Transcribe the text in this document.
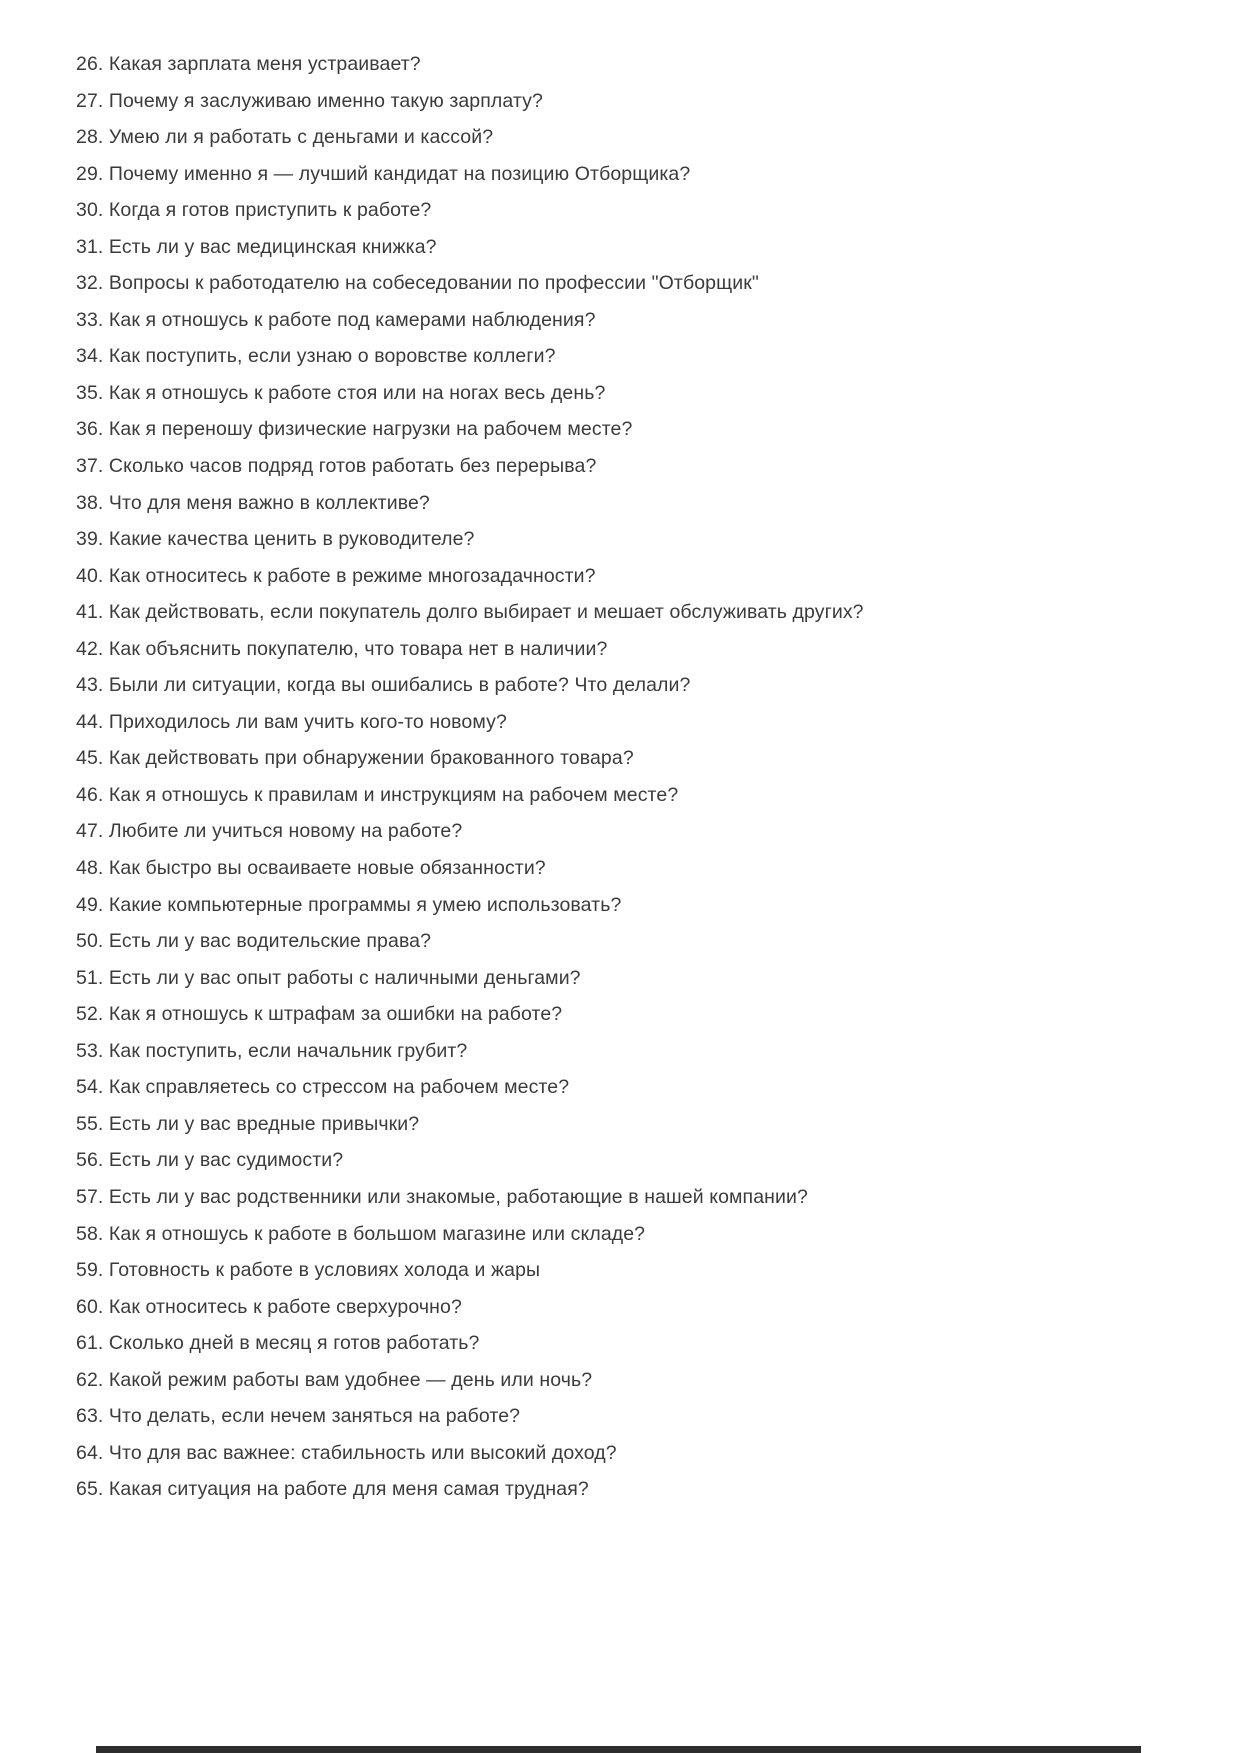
26. Какая зарплата меня устраивает?
27. Почему я заслуживаю именно такую зарплату?
28. Умею ли я работать с деньгами и кассой?
29. Почему именно я — лучший кандидат на позицию Отборщика?
30. Когда я готов приступить к работе?
31. Есть ли у вас медицинская книжка?
32. Вопросы к работодателю на собеседовании по профессии "Отборщик"
33. Как я отношусь к работе под камерами наблюдения?
34. Как поступить, если узнаю о воровстве коллеги?
35. Как я отношусь к работе стоя или на ногах весь день?
36. Как я переношу физические нагрузки на рабочем месте?
37. Сколько часов подряд готов работать без перерыва?
38. Что для меня важно в коллективе?
39. Какие качества ценить в руководителе?
40. Как относитесь к работе в режиме многозадачности?
41. Как действовать, если покупатель долго выбирает и мешает обслуживать других?
42. Как объяснить покупателю, что товара нет в наличии?
43. Были ли ситуации, когда вы ошибались в работе? Что делали?
44. Приходилось ли вам учить кого-то новому?
45. Как действовать при обнаружении бракованного товара?
46. Как я отношусь к правилам и инструкциям на рабочем месте?
47. Любите ли учиться новому на работе?
48. Как быстро вы осваиваете новые обязанности?
49. Какие компьютерные программы я умею использовать?
50. Есть ли у вас водительские права?
51. Есть ли у вас опыт работы с наличными деньгами?
52. Как я отношусь к штрафам за ошибки на работе?
53. Как поступить, если начальник грубит?
54. Как справляетесь со стрессом на рабочем месте?
55. Есть ли у вас вредные привычки?
56. Есть ли у вас судимости?
57. Есть ли у вас родственники или знакомые, работающие в нашей компании?
58. Как я отношусь к работе в большом магазине или складе?
59. Готовность к работе в условиях холода и жары
60. Как относитесь к работе сверхурочно?
61. Сколько дней в месяц я готов работать?
62. Какой режим работы вам удобнее — день или ночь?
63. Что делать, если нечем заняться на работе?
64. Что для вас важнее: стабильность или высокий доход?
65. Какая ситуация на работе для меня самая трудная?
